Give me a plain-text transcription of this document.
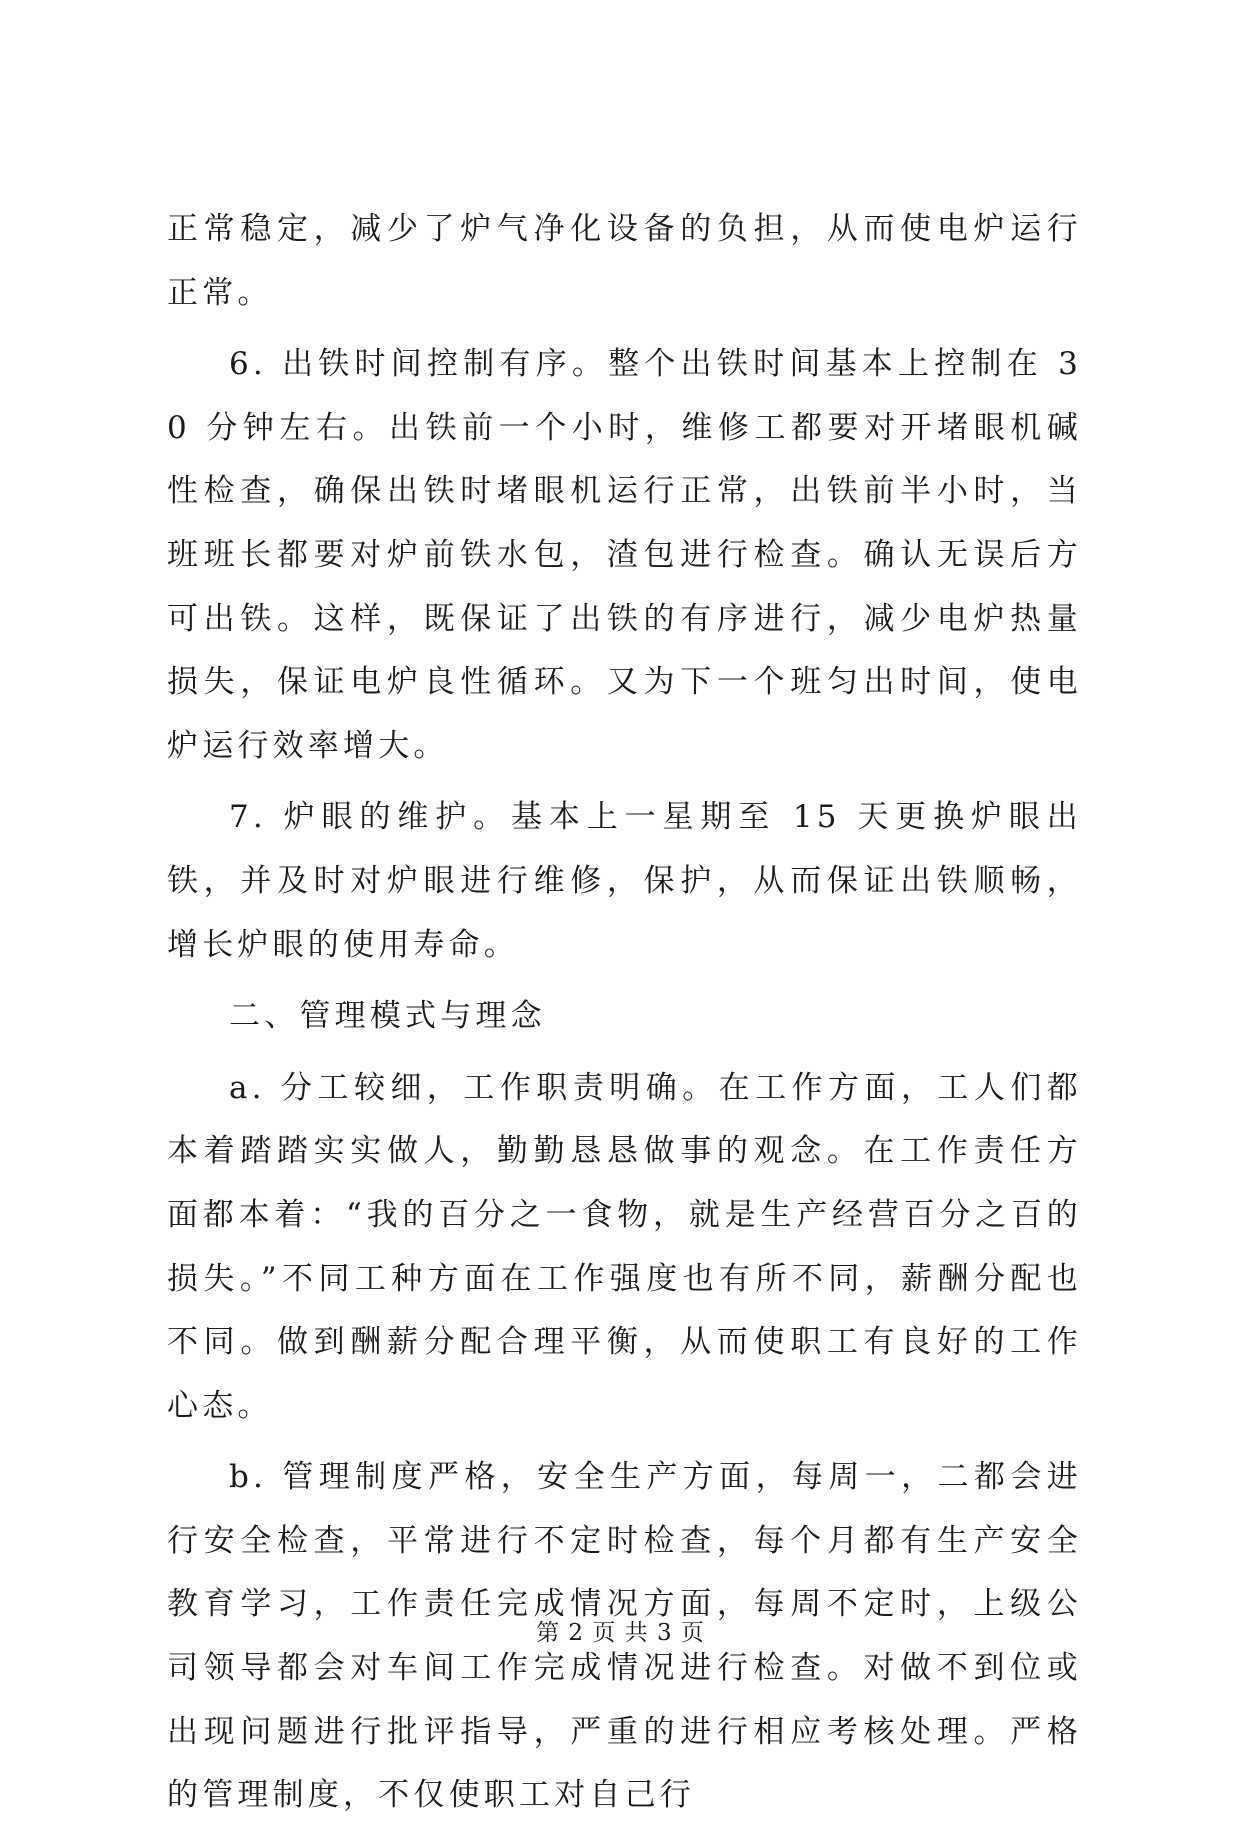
正常稳定，减少了炉气净化设备的负担，从而使电炉运行正常。

6. 出铁时间控制有序。整个出铁时间基本上控制在 30 分钟左右。出铁前一个小时，维修工都要对开堵眼机碱性检查，确保出铁时堵眼机运行正常，出铁前半小时，当班班长都要对炉前铁水包，渣包进行检查。确认无误后方可出铁。这样，既保证了出铁的有序进行，减少电炉热量损失，保证电炉良性循环。又为下一个班匀出时间，使电炉运行效率增大。

7. 炉眼的维护。基本上一星期至 15 天更换炉眼出铁，并及时对炉眼进行维修，保护，从而保证出铁顺畅，增长炉眼的使用寿命。

二、管理模式与理念

a. 分工较细，工作职责明确。在工作方面，工人们都本着踏踏实实做人，勤勤恳恳做事的观念。在工作责任方面都本着：“我的百分之一食物，就是生产经营百分之百的损失。”不同工种方面在工作强度也有所不同，薪酬分配也不同。做到酬薪分配合理平衡，从而使职工有良好的工作心态。

b. 管理制度严格，安全生产方面，每周一，二都会进行安全检查，平常进行不定时检查，每个月都有生产安全教育学习，工作责任完成情况方面，每周不定时，上级公司领导都会对车间工作完成情况进行检查。对做不到位或出现问题进行批评指导，严重的进行相应考核处理。严格的管理制度，不仅使职工对自己行

第 2 页 共 3 页
